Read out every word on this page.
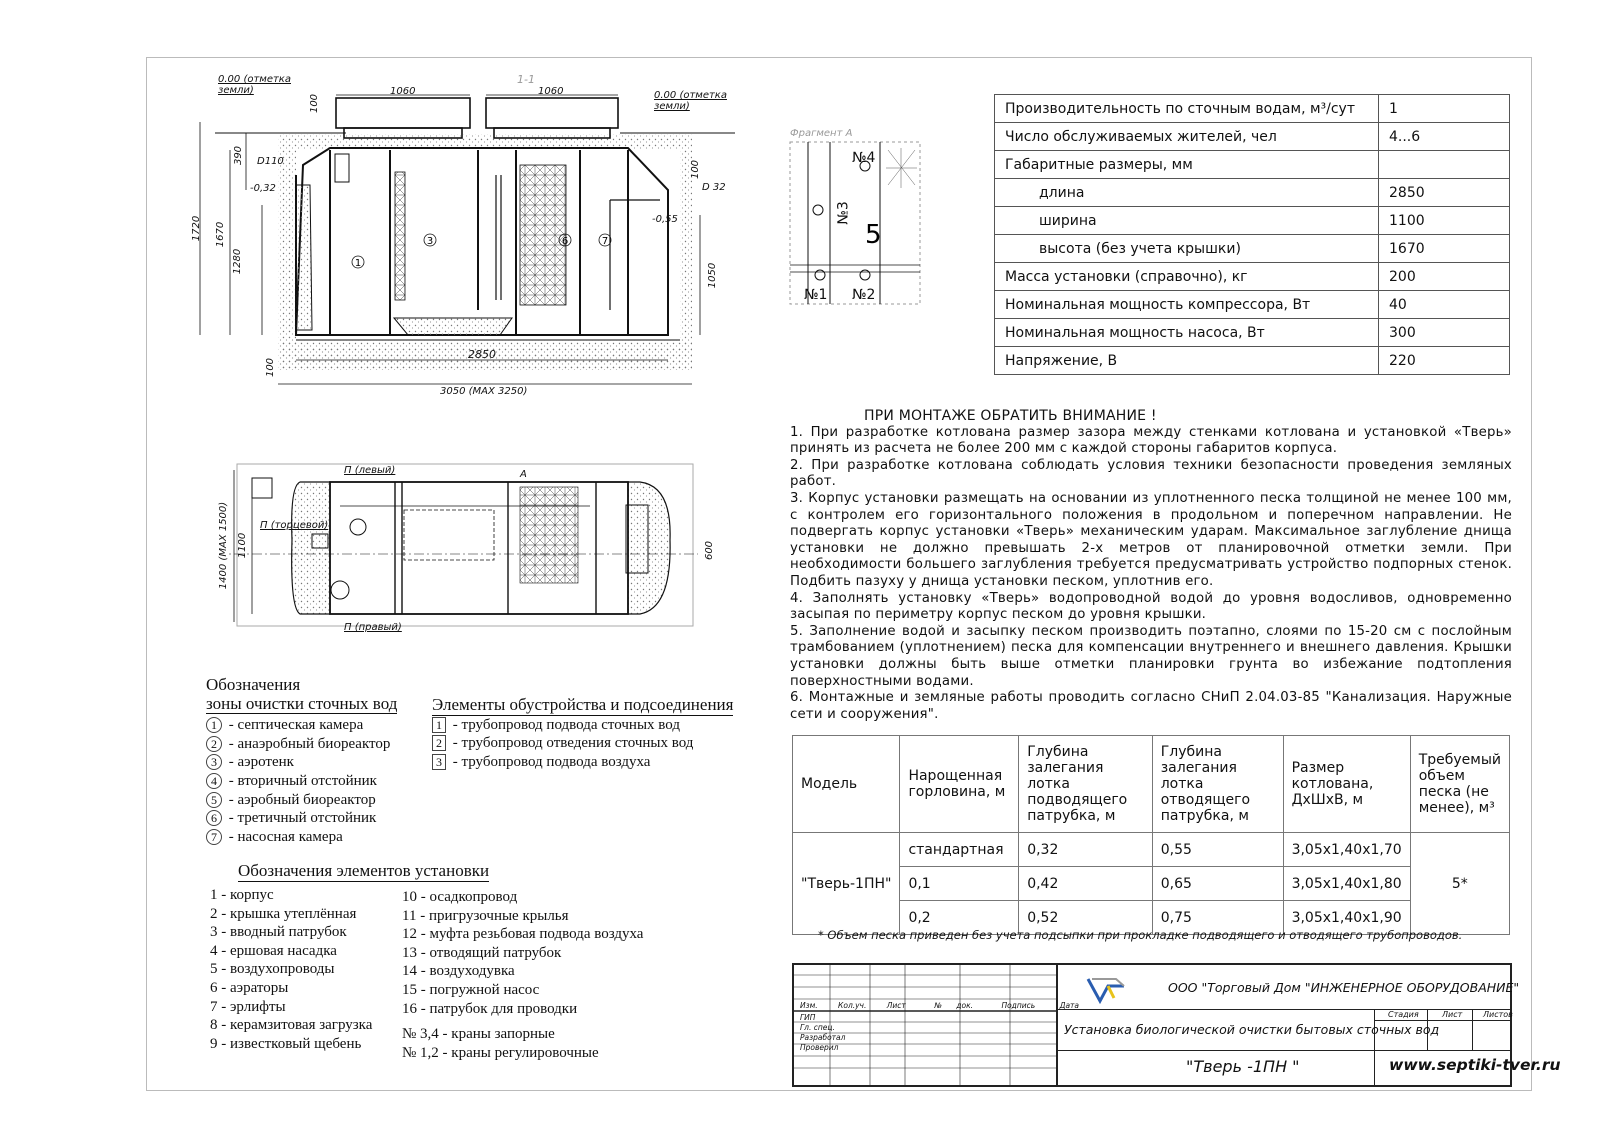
1
3	6	7
1-1
0.00 (отметка земли)	0.00 (отметка земли)
1060	1060
100
390
1720 1670
1280
1050
100
100
2850
3050 (MAX 3250)
D110
-0,32
-0,55
D 32
П (левый)
П (торцевой)
П (правый)
А
1400 (MAX 1500) 1100	600
Фрагмент А
5
№4
№3
№1 №2
Производительность по сточным водам, м³/сут	1
Число обслуживаемых жителей, чел	4...6
Габаритные размеры, мм	
длина	2850
ширина	1100
высота (без учета крышки)	1670
Масса установки (справочно), кг	200
Номинальная мощность компрессора, Вт	40
Номинальная мощность насоса, Вт	300
Напряжение, В	220
ПРИ МОНТАЖЕ ОБРАТИТЬ ВНИМАНИЕ !

1. При разработке котлована размер зазора между стенками котлована и установкой «Тверь» принять из расчета не более 200 мм с каждой стороны габаритов корпуса.

2. При разработке котлована соблюдать условия техники безопасности проведения земляных работ.

3. Корпус установки размещать на основании из уплотненного песка толщиной не менее 100 мм, с контролем его горизонтального положения в продольном и поперечном направлении. Не подвергать корпус установки «Тверь» механическим ударам. Максимальное заглубление днища установки не должно превышать 2-х метров от планировочной отметки земли. При необходимости большего заглубления требуется предусматривать устройство подпорных стенок. Подбить пазуху у днища установки песком, уплотнив его.

4. Заполнять установку «Тверь» водопроводной водой до уровня водосливов, одновременно засыпая по периметру корпус песком до уровня крышки.

5. Заполнение водой и засыпку песком производить поэтапно, слоями по 15-20 см с послойным трамбованием (уплотнением) песка для компенсации внутреннего и внешнего давления. Крышки установки должны быть выше отметки планировки грунта во избежание подтопления поверхностными водами.

6. Монтажные и земляные работы проводить согласно СНиП 2.04.03-85 "Канализация. Наружные сети и сооружения".

Модель	Нарощенная горловина, м	Глубина залегания лотка подводящего патрубка, м	Глубина залегания лотка отводящего патрубка, м	Размер котлована, ДхШхВ, м	Требуемый объем песка (не менее), м³
"Тверь-1ПН"	стандартная	0,32	0,55	3,05х1,40х1,70	5*
	0,1	0,42	0,65	3,05х1,40х1,80	
	0,2	0,52	0,75	3,05х1,40х1,90	
* Объем песка приведен без учета подсыпки при прокладке подводящего и отводящего трубопроводов.
Обозначения
зоны очистки сточных вод
1 - септическая камера
2 - анаэробный биореактор
3 - аэротенк
4 - вторичный отстойник
5 - аэробный биореактор
6 - третичный отстойник
7 - насосная камера
Элементы обустройства и подсоединения
1 - трубопровод подвода сточных вод
2 - трубопровод отведения сточных вод
3 - трубопровод подвода воздуха
Обозначения элементов установки
1 - корпус
2 - крышка утеплённая
3 - вводный патрубок
4 - ершовая насадка
5 - воздухопроводы
6 - аэраторы
7 - эрлифты
8 - керамзитовая загрузка
9 - известковый щебень
10 - осадкопровод
11 - пригрузочные крылья
12 - муфта резьбовая подвода воздуха
13 - отводящий патрубок
14 - воздуходувка
15 - погружной насос
16 - патрубок для проводки
№ 3,4 - краны запорные
№ 1,2 - краны регулировочные
Изм.	Кол.уч.	Лист	№ док.	Подпись	Дата
ГИП
Гл. спец.
Разработал
Проверил
ООО "Торговый Дом "ИНЖЕНЕРНОЕ ОБОРУДОВАНИЕ"
Установка биологической очистки бытовых сточных вод
"Тверь -1ПН "	www.septiki-tver.ru
Стадия	Лист	Листов
